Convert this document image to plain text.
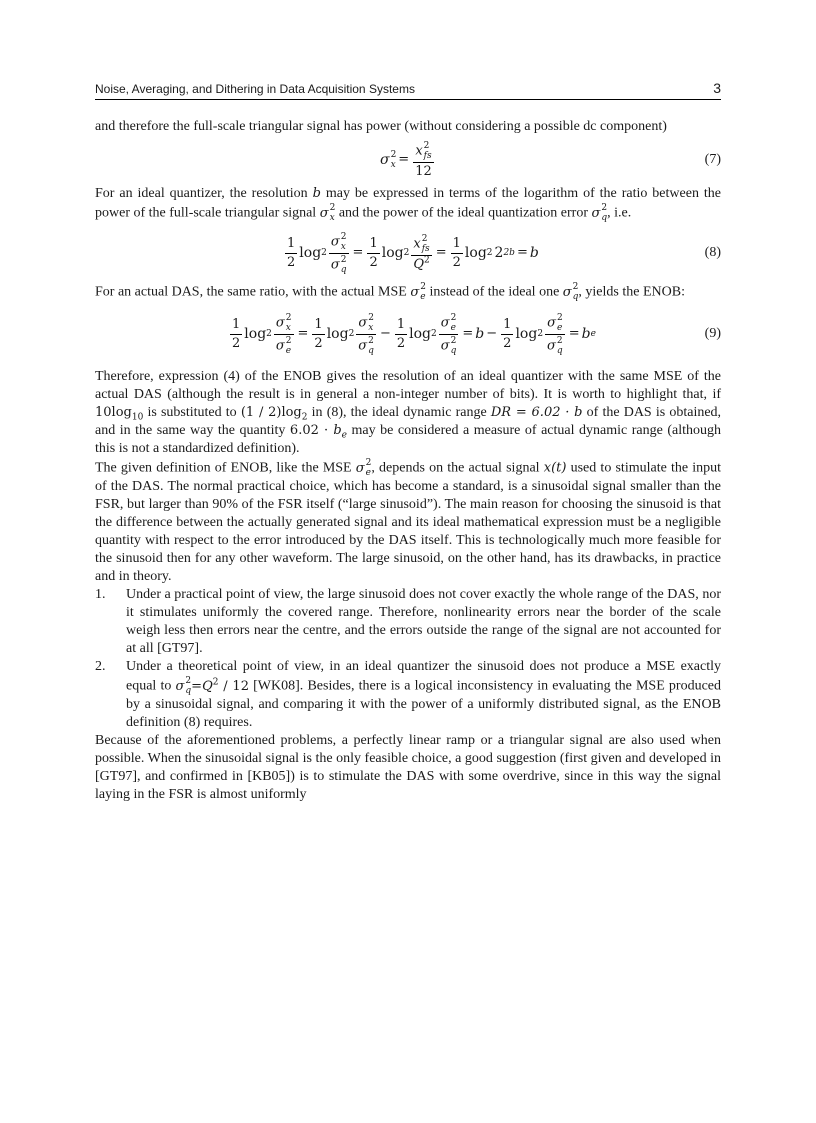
Noise, Averaging, and Dithering in Data Acquisition Systems	3

and therefore the full-scale triangular signal has power (without considering a possible dc component)

σ 2
x = x 2
fs
12	(7)

For an ideal quantizer, the resolution b may be expressed in terms of the logarithm of the ratio between the power of the full-scale triangular signal σ 2
x and the power of the ideal quantization error σ 2
q , i.e.

$\frac{1}{2}$ log 2 σ 2
x
σ 2
$q = \frac{1}{2}$ log 2 x 2
fs
$Q^2 = \frac{1}{2}$ log 2 2 2b = b	(8)

For an actual DAS, the same ratio, with the actual MSE σ 2
e instead of the ideal one σ 2
q , yields the ENOB:

$\frac{1}{2}$ log 2 σ 2
x
σ 2
$e = \frac{1}{2}$ log 2 σ 2
x
σ 2
$q - \frac{1}{2}$ log 2 σ 2
e
σ 2
$q = b - \frac{1}{2}$ log 2 σ 2
e
σ 2
q = b e	(9)

Therefore, expression (4) of the ENOB gives the resolution of an ideal quantizer with the same MSE of the actual DAS (although the result is in general a non-integer number of bits). It is worth to highlight that, if $10\log_{10}$ is substituted to $(1 / 2)\log_2$ in (8), the ideal dynamic range DR = 6.02 · b of the DAS is obtained, and in the same way the quantity $6.02 \cdot b_e$ may be considered a measure of actual dynamic range (although this is not a standardized definition).

The given definition of ENOB, like the MSE σ 2
e , depends on the actual signal x(t) used to stimulate the input of the DAS. The normal practical choice, which has become a standard, is a sinusoidal signal smaller than the FSR, but larger than 90% of the FSR itself (“large sinusoid”). The main reason for choosing the sinusoid is that the difference between the actually generated signal and its ideal mathematical expression must be a negligible quantity with respect to the error introduced by the DAS itself. This is technologically much more feasible for the sinusoid then for any other waveform. The large sinusoid, on the other hand, has its drawbacks, in practice and in theory.

1. Under a practical point of view, the large sinusoid does not cover exactly the whole range of the DAS, nor it stimulates uniformly the covered range. Therefore, nonlinearity errors near the border of the scale weigh less then errors near the centre, and the errors outside the range of the signal are not accounted for at all [GT97].
2. Under a theoretical point of view, in an ideal quantizer the sinusoid does not produce a MSE exactly equal to σ 2
$q =Q^2 / 12$ [WK08]. Besides, there is a logical inconsistency in evaluating the MSE produced by a sinusoidal signal, and comparing it with the power of a uniformly distributed signal, as the ENOB definition (8) requires.

Because of the aforementioned problems, a perfectly linear ramp or a triangular signal are also used when possible. When the sinusoidal signal is the only feasible choice, a good suggestion (first given and developed in [GT97], and confirmed in [KB05]) is to stimulate the DAS with some overdrive, since in this way the signal laying in the FSR is almost uniformly
